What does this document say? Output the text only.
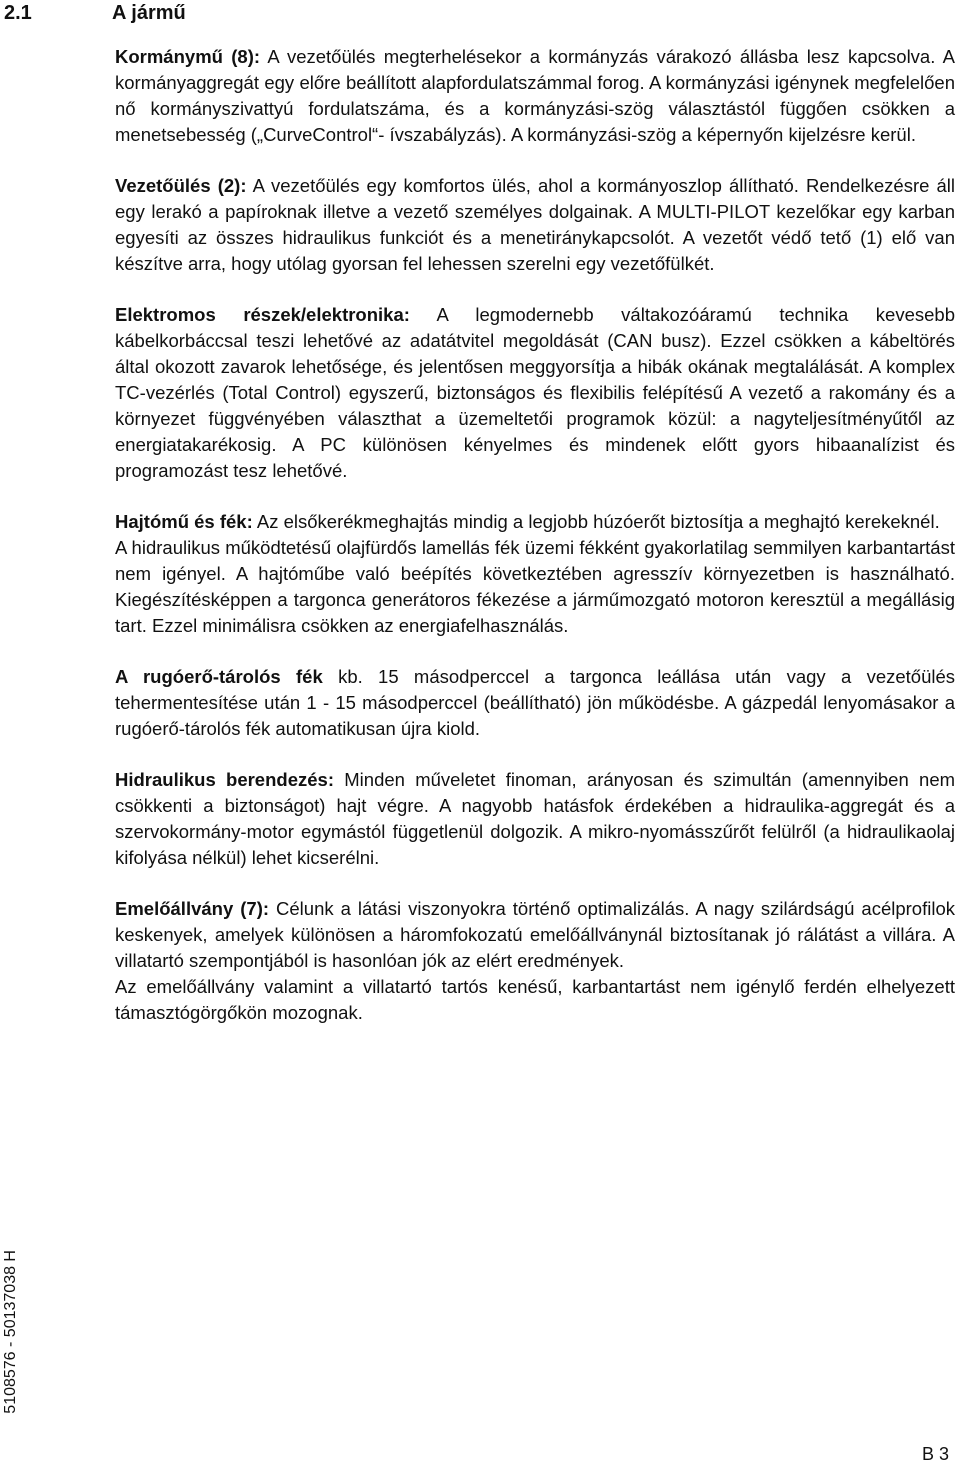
2.1	A jármű

Kormánymű (8): A vezetőülés megterhelésekor a kormányzás várakozó állásba lesz kapcsolva. A kormányaggregát egy előre beállított alapfordulatszámmal forog. A kormányzási igénynek megfelelően nő kormányszivattyú fordulatszáma, és a kormányzási-szög választástól függően csökken a menetsebesség („CurveControl“- ívszabályzás). A kormányzási-szög a képernyőn kijelzésre kerül.

Vezetőülés (2): A vezetőülés egy komfortos ülés, ahol a kormányoszlop állítható. Rendelkezésre áll egy lerakó a papíroknak illetve a vezető személyes dolgainak. A MULTI-PILOT kezelőkar egy karban egyesíti az összes hidraulikus funkciót és a menetiránykapcsolót. A vezetőt védő tető (1) elő van készítve arra, hogy utólag gyorsan fel lehessen szerelni egy vezetőfülkét.

Elektromos részek/elektronika: A legmodernebb váltakozóáramú technika kevesebb kábelkorbáccsal teszi lehetővé az adatátvitel megoldását (CAN busz). Ezzel csökken a kábeltörés által okozott zavarok lehetősége, és jelentősen meggyorsítja a hibák okának megtalálását. A komplex TC-vezérlés (Total Control) egyszerű, biztonságos és flexibilis felépítésű A vezető a rakomány és a környezet függvényében választhat a üzemeltetői programok közül: a nagyteljesítményűtől az energiatakarékosig. A PC különösen kényelmes és mindenek előtt gyors hibaanalízist és programozást tesz lehetővé.

Hajtómű és fék: Az elsőkerékmeghajtás mindig a legjobb húzóerőt biztosítja a meghajtó kerekeknél.

A hidraulikus működtetésű olajfürdős lamellás fék üzemi fékként gyakorlatilag semmilyen karbantartást nem igényel. A hajtóműbe való beépítés következtében agresszív környezetben is használható. Kiegészítésképpen a targonca generátoros fékezése a járműmozgató motoron keresztül a megállásig tart. Ezzel minimálisra csökken az energiafelhasználás.

A rugóerő-tárolós fék kb. 15 másodperccel a targonca leállása után vagy a vezetőülés tehermentesítése után 1 - 15 másodperccel (beállítható) jön működésbe. A gázpedál lenyomásakor a rugóerő-tárolós fék automatikusan újra kiold.

Hidraulikus berendezés: Minden műveletet finoman, arányosan és szimultán (amennyiben nem csökkenti a biztonságot) hajt végre. A nagyobb hatásfok érdekében a hidraulika-aggregát és a szervokormány-motor egymástól függetlenül dolgozik. A mikro-nyomásszűrőt felülről (a hidraulikaolaj kifolyása nélkül) lehet kicserélni.

Emelőállvány (7): Célunk a látási viszonyokra történő optimalizálás. A nagy szilárdságú acélprofilok keskenyek, amelyek különösen a háromfokozatú emelőállványnál biztosítanak jó rálátást a villára. A villatartó szempontjából is hasonlóan jók az elért eredmények.

Az emelőállvány valamint a villatartó tartós kenésű, karbantartást nem igénylő ferdén elhelyezett támasztógörgőkön mozognak.

5108576 - 50137038 H
B 3
